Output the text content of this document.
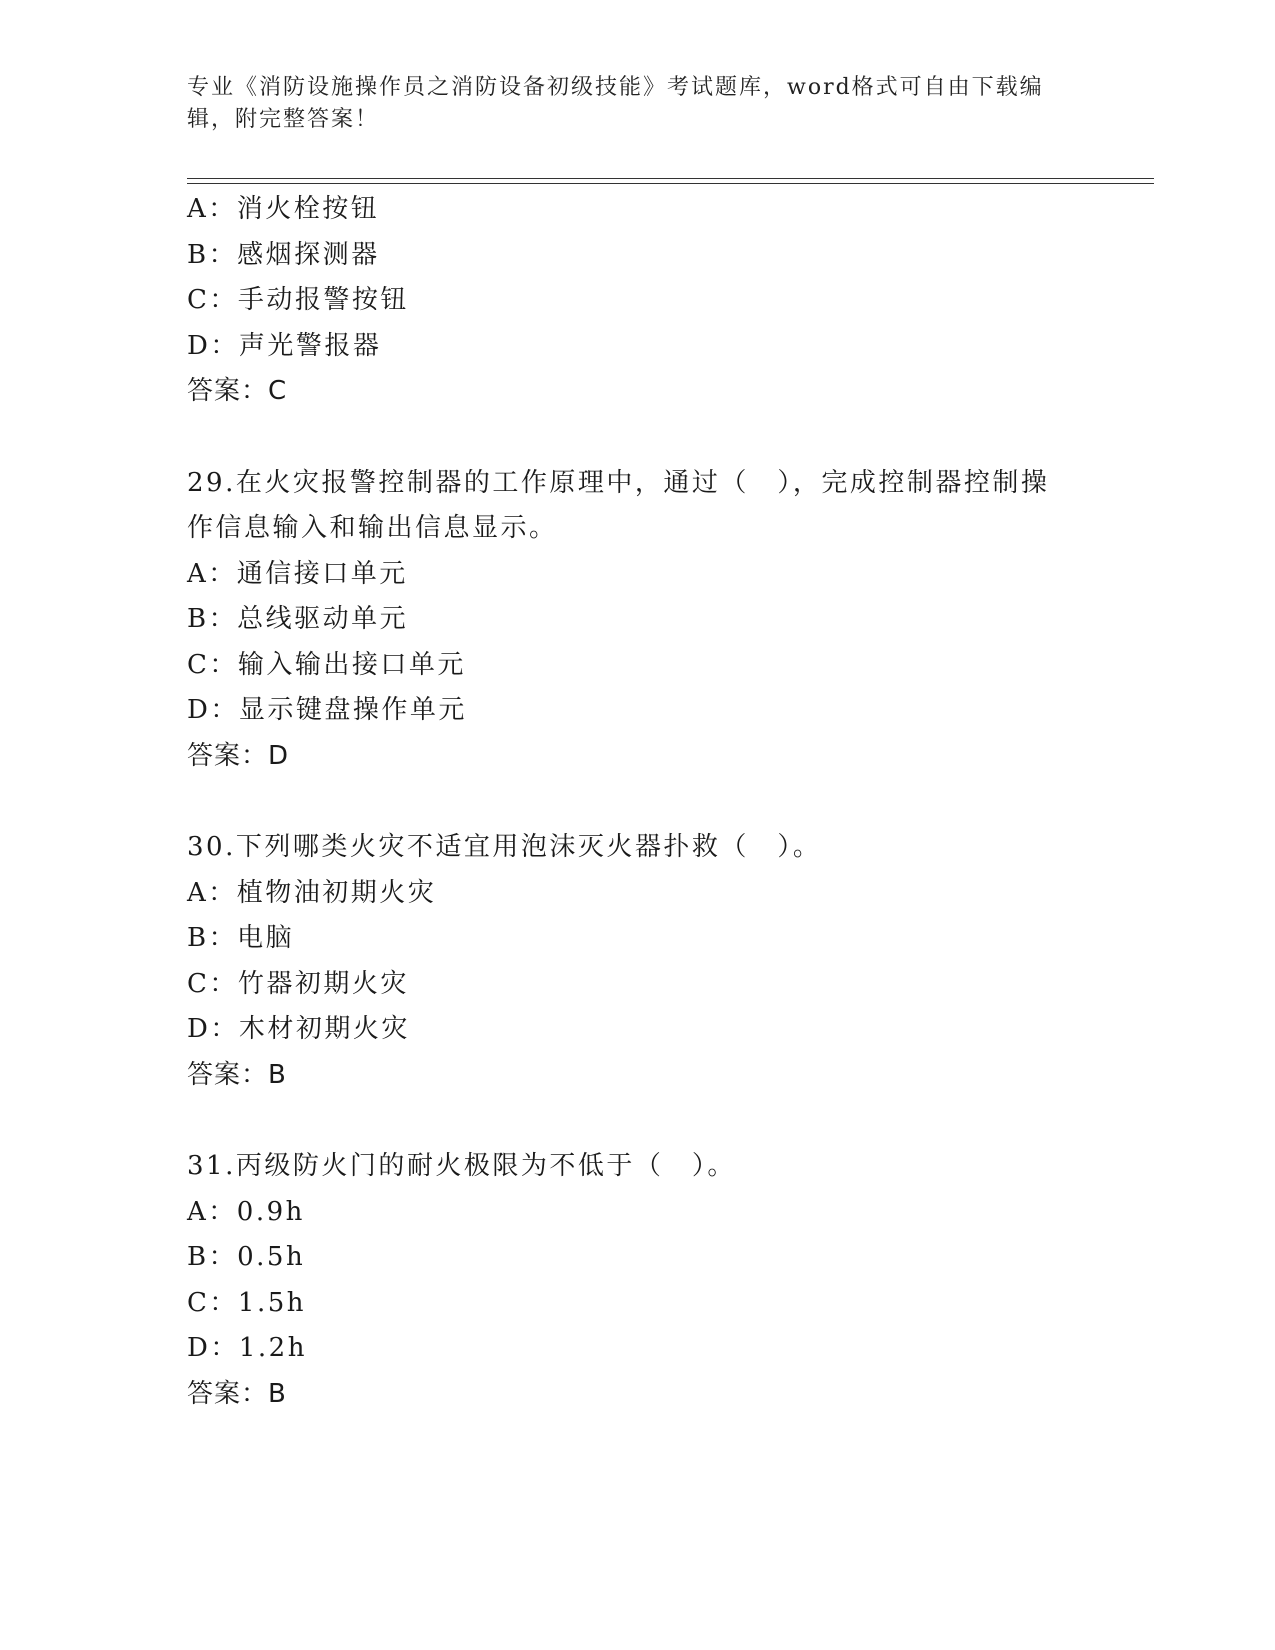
专业《消防设施操作员之消防设备初级技能》考试题库，word格式可自由下载编
辑，附完整答案！
A：消火栓按钮
B：感烟探测器
C：手动报警按钮
D：声光警报器
答案：C
29.在火灾报警控制器的工作原理中，通过（　），完成控制器控制操
作信息输入和输出信息显示。
A：通信接口单元
B：总线驱动单元
C：输入输出接口单元
D：显示键盘操作单元
答案：D
30.下列哪类火灾不适宜用泡沫灭火器扑救（　）。
A：植物油初期火灾
B：电脑
C：竹器初期火灾
D：木材初期火灾
答案：B
31.丙级防火门的耐火极限为不低于（　）。
A：0.9h
B：0.5h
C：1.5h
D：1.2h
答案：B
